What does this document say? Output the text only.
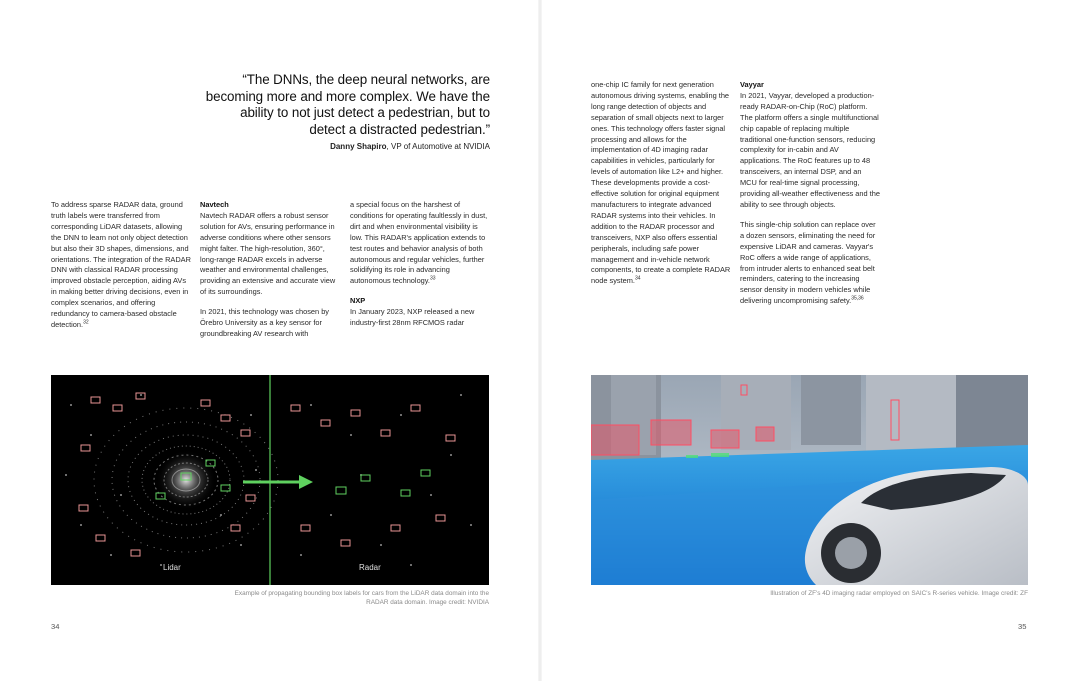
“The DNNs, the deep neural networks, are becoming more and more complex. We have the ability to not just detect a pedestrian, but to detect a distracted pedestrian.”
Danny Shapiro, VP of Automotive at NVIDIA

To address sparse RADAR data, ground truth labels were transferred from corresponding LiDAR datasets, allowing the DNN to learn not only object detection but also their 3D shapes, dimensions, and orientations. The integration of the RADAR DNN with classical RADAR processing improved obstacle perception, aiding AVs in making better driving decisions, even in complex scenarios, and offering redundancy to camera-based obstacle detection.$^{32}$

Navtech

Navtech RADAR offers a robust sensor solution for AVs, ensuring performance in adverse conditions where other sensors might falter. The high-resolution, 360°, long-range RADAR excels in adverse weather and environmental challenges, providing an extensive and accurate view of its surroundings.

In 2021, this technology was chosen by Örebro University as a key sensor for groundbreaking AV research with

a special focus on the harshest of conditions for operating faultlessly in dust, dirt and when environmental visibility is low. This RADAR's application extends to test routes and behavior analysis of both autonomous and regular vehicles, further solidifying its role in advancing autonomous technology.$^{33}$

NXP

In January 2023, NXP released a new industry-first 28nm RFCMOS radar

Lidar	Radar
Example of propagating bounding box labels for cars from the LiDAR data domain into the RADAR data domain. Image credit: NVIDIA
34

one-chip IC family for next generation autonomous driving systems, enabling the long range detection of objects and separation of small objects next to larger ones. This technology offers faster signal processing and allows for the implementation of 4D imaging radar capabilities in vehicles, particularly for levels of automation like L2+ and higher. These developments provide a cost-effective solution for original equipment manufacturers to integrate advanced RADAR systems into their vehicles. In addition to the RADAR processor and transceivers, NXP also offers essential peripherals, including safe power management and in-vehicle network components, to create a complete RADAR node system.$^{34}$

Vayyar

In 2021, Vayyar, developed a production-ready RADAR-on-Chip (RoC) platform. The platform offers a single multifunctional chip capable of replacing multiple traditional one-function sensors, reducing complexity for in-cabin and AV applications. The RoC features up to 48 transceivers, an internal DSP, and an MCU for real-time signal processing, providing all-weather effectiveness and the ability to see through objects.

This single-chip solution can replace over a dozen sensors, eliminating the need for expensive LiDAR and cameras. Vayyar's RoC offers a wide range of applications, from intruder alerts to enhanced seat belt reminders, catering to the increasing sensor density in modern vehicles while delivering uncompromising safety.$^{35,36}$

Illustration of ZF's 4D imaging radar employed on SAIC's R-series vehicle. Image credit: ZF
35
